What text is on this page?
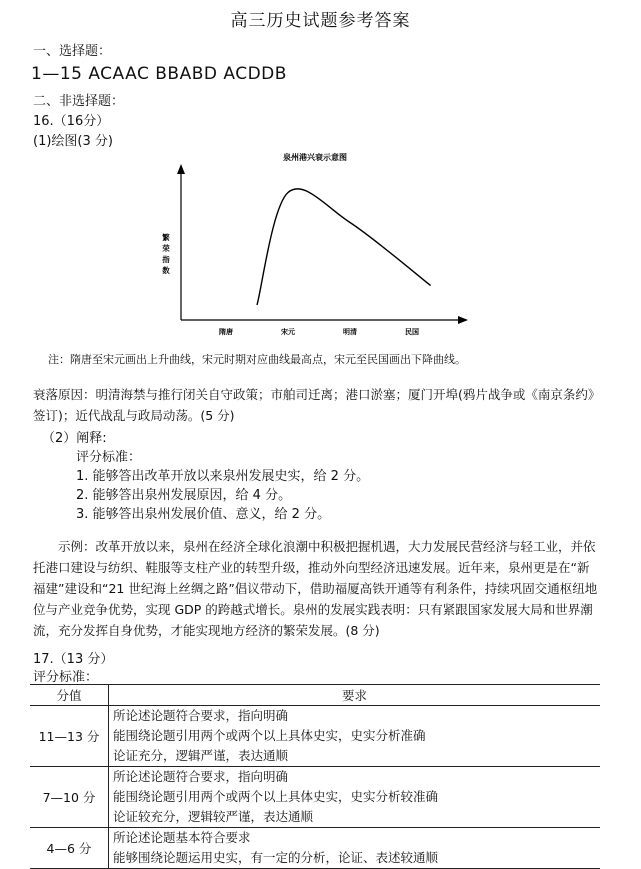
高三历史试题参考答案
一、选择题：
1—15 ACAAC BBABD ACDDB
二、非选择题：
16.（16分）
(1)绘图(3 分)
泉州港兴衰示意图
繁荣指数
隋唐	宋元	明清	民国
注：隋唐至宋元画出上升曲线，宋元时期对应曲线最高点，宋元至民国画出下降曲线。
衰落原因：明清海禁与推行闭关自守政策；市舶司迁离；港口淤塞；厦门开埠(鸦片战争或《南京条约》签订)；近代战乱与政局动荡。(5 分)
（2）阐释:
评分标准：
1. 能够答出改革开放以来泉州发展史实，给 2 分。
2. 能够答出泉州发展原因，给 4 分。
3. 能够答出泉州发展价值、意义，给 2 分。
示例：改革开放以来，泉州在经济全球化浪潮中积极把握机遇，大力发展民营经济与轻工业，并依托港口建设与纺织、鞋服等支柱产业的转型升级，推动外向型经济迅速发展。近年来，泉州更是在“新福建”建设和“21 世纪海上丝绸之路”倡议带动下，借助福厦高铁开通等有利条件，持续巩固交通枢纽地位与产业竞争优势，实现 GDP 的跨越式增长。泉州的发展实践表明：只有紧跟国家发展大局和世界潮流，充分发挥自身优势，才能实现地方经济的繁荣发展。(8 分)
17.（13 分）
评分标准：
分值	要求
11—13 分	所论述论题符合要求，指向明确
能围绕论题引用两个或两个以上具体史实，史实分析准确
论证充分，逻辑严谨，表达通顺

7—10 分	所论述论题符合要求，指向明确
能围绕论题引用两个或两个以上具体史实，史实分析较准确
论证较充分，逻辑较严谨，表达通顺

4—6 分	所论述论题基本符合要求
能够围绕论题运用史实，有一定的分析，论证、表述较通顺
